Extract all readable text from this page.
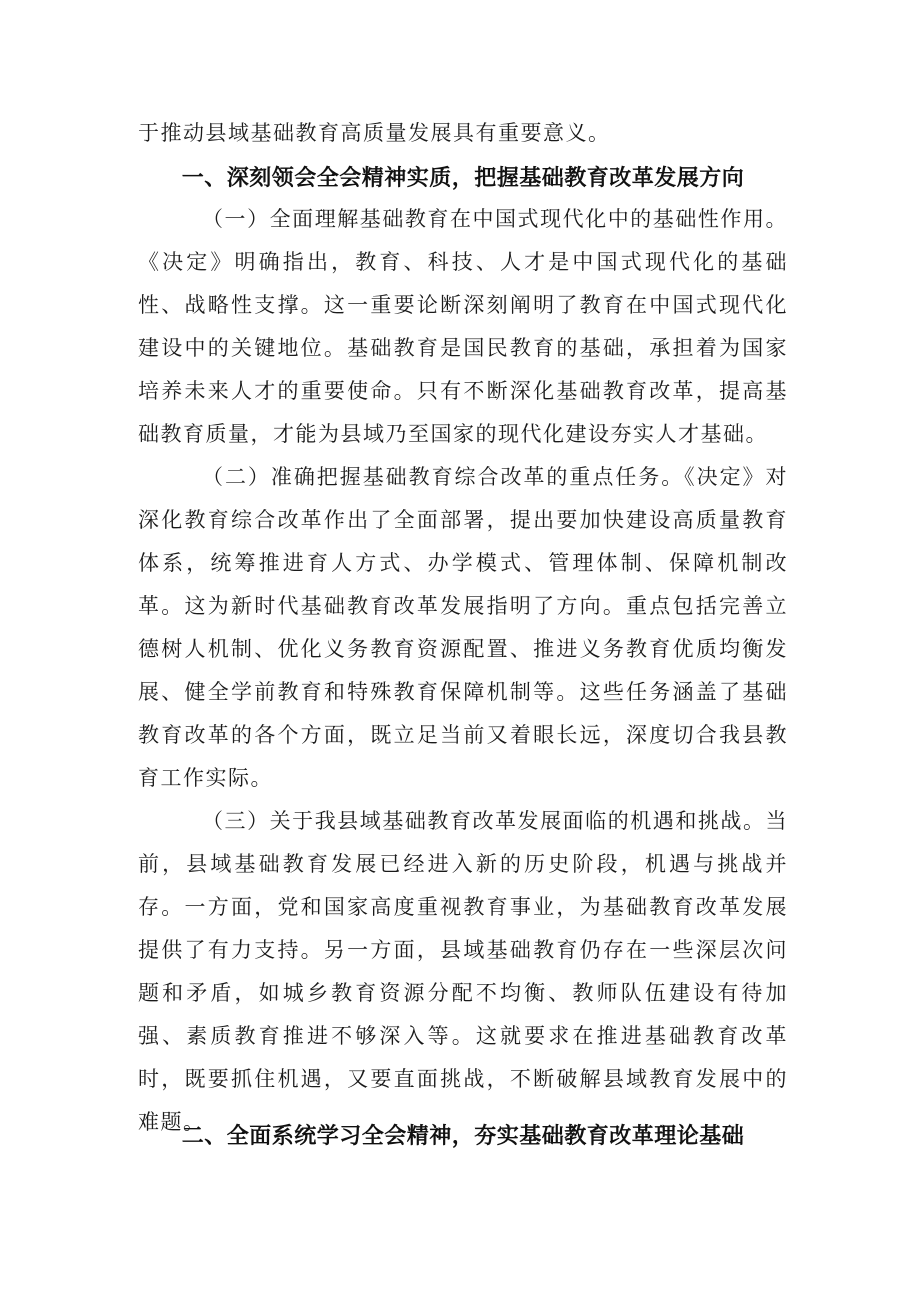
于推动县域基础教育高质量发展具有重要意义。

一、深刻领会全会精神实质，把握基础教育改革发展方向

（一）全面理解基础教育在中国式现代化中的基础性作用。《决定》明确指出，教育、科技、人才是中国式现代化的基础性、战略性支撑。这一重要论断深刻阐明了教育在中国式现代化建设中的关键地位。基础教育是国民教育的基础，承担着为国家培养未来人才的重要使命。只有不断深化基础教育改革，提高基础教育质量，才能为县域乃至国家的现代化建设夯实人才基础。

（二）准确把握基础教育综合改革的重点任务。《决定》对深化教育综合改革作出了全面部署，提出要加快建设高质量教育体系，统筹推进育人方式、办学模式、管理体制、保障机制改革。这为新时代基础教育改革发展指明了方向。重点包括完善立德树人机制、优化义务教育资源配置、推进义务教育优质均衡发展、健全学前教育和特殊教育保障机制等。这些任务涵盖了基础教育改革的各个方面，既立足当前又着眼长远，深度切合我县教育工作实际。

（三）关于我县域基础教育改革发展面临的机遇和挑战。当前，县域基础教育发展已经进入新的历史阶段，机遇与挑战并存。一方面，党和国家高度重视教育事业，为基础教育改革发展提供了有力支持。另一方面，县域基础教育仍存在一些深层次问题和矛盾，如城乡教育资源分配不均衡、教师队伍建设有待加强、素质教育推进不够深入等。这就要求在推进基础教育改革时，既要抓住机遇，又要直面挑战，不断破解县域教育发展中的难题。

二、全面系统学习全会精神，夯实基础教育改革理论基础
